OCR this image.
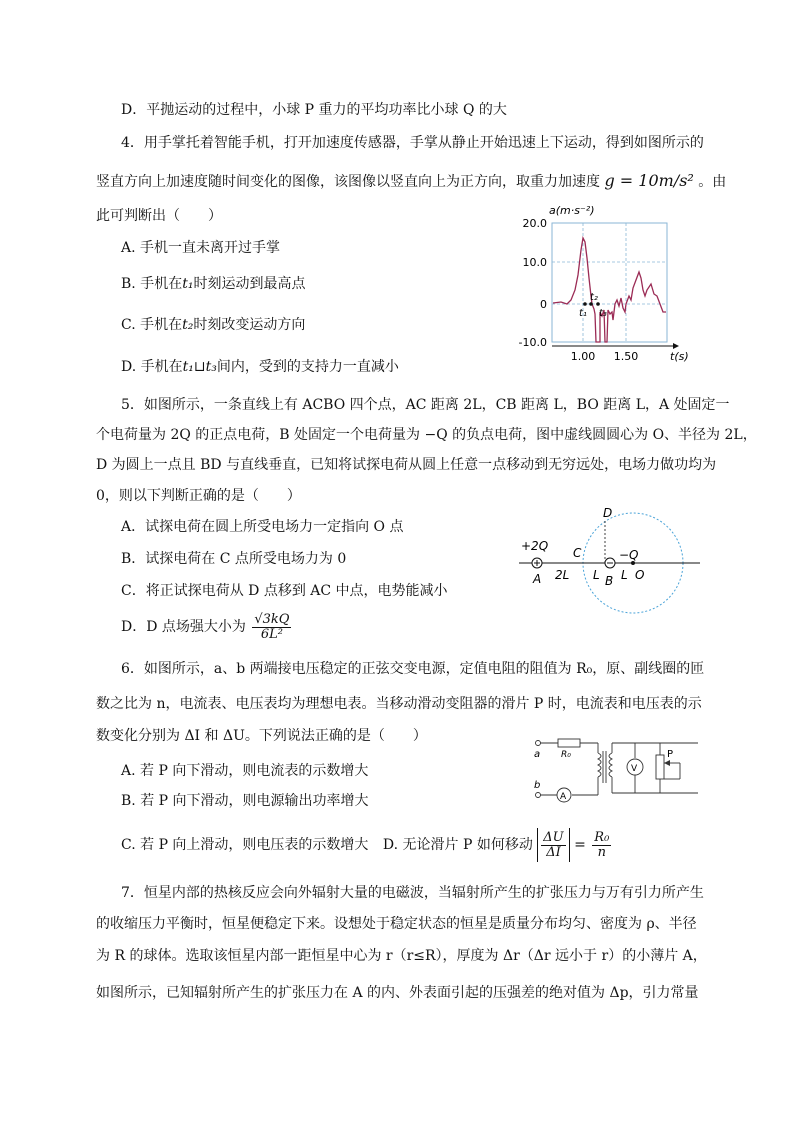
D．平抛运动的过程中，小球 P 重力的平均功率比小球 Q 的大
4．用手掌托着智能手机，打开加速度传感器，手掌从静止开始迅速上下运动，得到如图所示的
竖直方向上加速度随时间变化的图像，该图像以竖直向上为正方向，取重力加速度 g = 10m/s² 。由
此可判断出（　　）
A. 手机一直未离开过手掌
B. 手机在t₁时刻运动到最高点
C. 手机在t₂时刻改变运动方向
D. 手机在t₁⊔t₃间内，受到的支持力一直减小
a(m·s⁻²)
20.0
10.0
0
-10.0
1.00 1.50	t(s)
t₁
t₂
t₃
5．如图所示，一条直线上有 ACBO 四个点，AC 距离 2L，CB 距离 L，BO 距离 L，A 处固定一
个电荷量为 2Q 的正点电荷，B 处固定一个电荷量为 −Q 的负点电荷，图中虚线圆圆心为 O、半径为 2L，
D 为圆上一点且 BD 与直线垂直，已知将试探电荷从圆上任意一点移动到无穷远处，电场力做功均为
0，则以下判断正确的是（　　）
A．试探电荷在圆上所受电场力一定指向 O 点
B．试探电荷在 C 点所受电场力为 0
C．将正试探电荷从 D 点移到 AC 中点，电势能减小
D．D 点场强大小为 $\frac{√3kQ}{\text{6L²}}$
+2Q
A
C
2L L B
−Q
L O
D
6．如图所示，a、b 两端接电压稳定的正弦交变电源，定值电阻的阻值为 R₀，原、副线圈的匝
数之比为 n，电流表、电压表均为理想电表。当移动滑动变阻器的滑片 P 时，电流表和电压表的示
数变化分别为 ΔI 和 ΔU。下列说法正确的是（　　）
A. 若 P 向下滑动，则电流表的示数增大
B. 若 P 向下滑动，则电源输出功率增大
C. 若 P 向上滑动，则电压表的示数增大 D. 无论滑片 P 如何移动 $\frac{\Delta U}{\Delta I} = \frac{\text{R₀}}{n}$
a
b
R₀
V
A
P
7．恒星内部的热核反应会向外辐射大量的电磁波，当辐射所产生的扩张压力与万有引力所产生
的收缩压力平衡时，恒星便稳定下来。设想处于稳定状态的恒星是质量分布均匀、密度为 ρ、半径
为 R 的球体。选取该恒星内部一距恒星中心为 r（r≤R），厚度为 Δr（Δr 远小于 r）的小薄片 A，
如图所示，已知辐射所产生的扩张压力在 A 的内、外表面引起的压强差的绝对值为 Δp，引力常量
